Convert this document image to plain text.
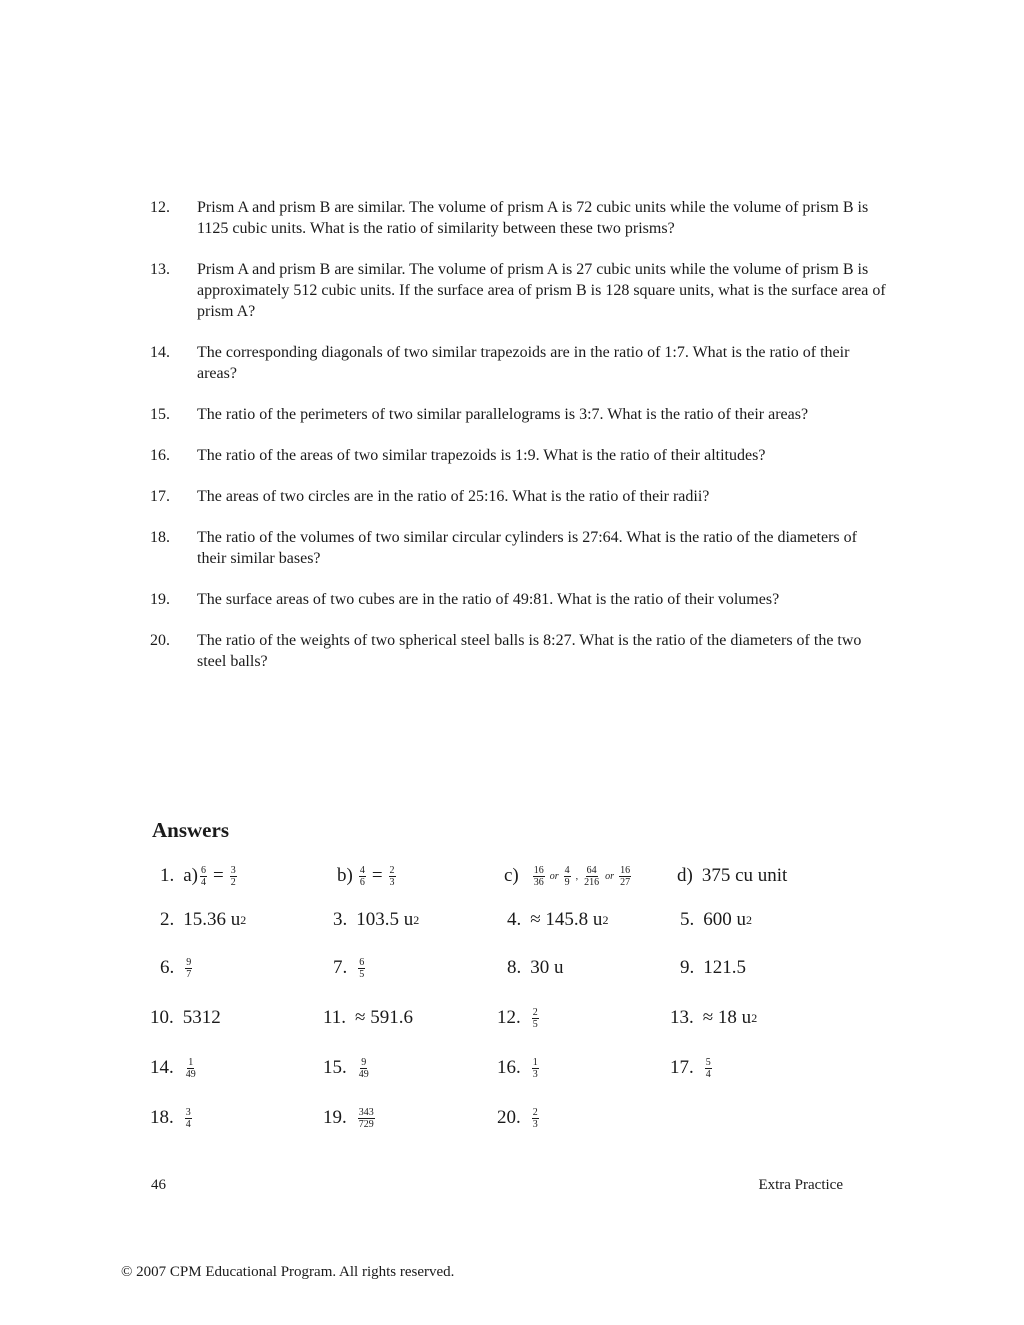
12.	Prism A and prism B are similar. The volume of prism A is 72 cubic units while the volume of prism B is 1125 cubic units. What is the ratio of similarity between these two prisms?
13.	Prism A and prism B are similar. The volume of prism A is 27 cubic units while the volume of prism B is approximately 512 cubic units. If the surface area of prism B is 128 square units, what is the surface area of prism A?
14.	The corresponding diagonals of two similar trapezoids are in the ratio of 1:7. What is the ratio of their areas?
15.	The ratio of the perimeters of two similar parallelograms is 3:7. What is the ratio of their areas?
16.	The ratio of the areas of two similar trapezoids is 1:9. What is the ratio of their altitudes?
17.	The areas of two circles are in the ratio of 25:16. What is the ratio of their radii?
18.	The ratio of the volumes of two similar circular cylinders is 27:64. What is the ratio of the diameters of their similar bases?
19.	The surface areas of two cubes are in the ratio of 49:81. What is the ratio of their volumes?
20.	The ratio of the weights of two spherical steel balls is 8:27. What is the ratio of the diameters of the two steel balls?
Answers
1. $a) \frac{6}{4} = \frac{3}{2}$	$b) \frac{4}{6} = \frac{2}{3}$	$c) \frac{16}{36}$ or $\frac{4}{9}$ , $\frac{64}{216}$ or $\frac{16}{27} d$) 375 cu unit
2. 15.36 u 2	3. 103.5 u 2	4. ≈ 145.8 u 2	5. 600 u 2
6. $\frac{9}{7}$	7. $\frac{6}{5}$	8. 30 u	9. 121.5
10. 5312	11. ≈ 591.6	12. $\frac{2}{5}$	13. ≈ 18 u 2
14. $\frac{1}{49}$	15. $\frac{9}{49}$	16. $\frac{1}{3}$	17. $\frac{5}{4}$
18. $\frac{3}{4}$	19. $\frac{343}{729}$	20. $\frac{2}{3}$
46	Extra Practice
© 2007 CPM Educational Program. All rights reserved.
